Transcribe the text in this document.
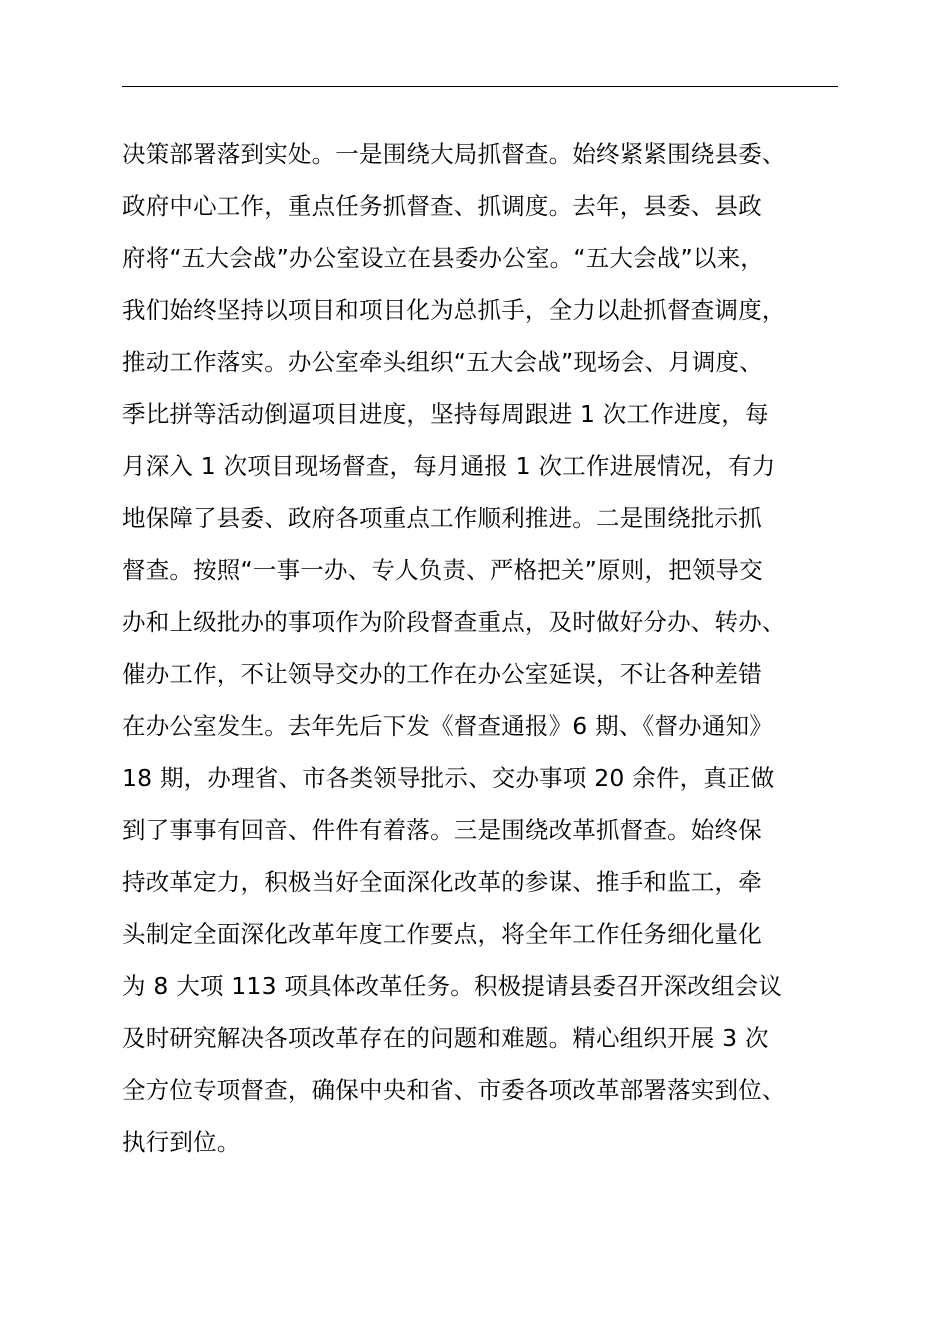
决策部署落到实处。一是围绕大局抓督查。始终紧紧围绕县委、
政府中心工作，重点任务抓督查、抓调度。去年，县委、县政
府将“五大会战”办公室设立在县委办公室。“五大会战”以来，
我们始终坚持以项目和项目化为总抓手，全力以赴抓督查调度，
推动工作落实。办公室牵头组织“五大会战”现场会、月调度、
季比拼等活动倒逼项目进度，坚持每周跟进 1 次工作进度，每
月深入 1 次项目现场督查，每月通报 1 次工作进展情况，有力
地保障了县委、政府各项重点工作顺利推进。二是围绕批示抓
督查。按照“一事一办、专人负责、严格把关”原则，把领导交
办和上级批办的事项作为阶段督查重点，及时做好分办、转办、
催办工作，不让领导交办的工作在办公室延误，不让各种差错
在办公室发生。去年先后下发《督查通报》6 期、《督办通知》
18 期，办理省、市各类领导批示、交办事项 20 余件，真正做
到了事事有回音、件件有着落。三是围绕改革抓督查。始终保
持改革定力，积极当好全面深化改革的参谋、推手和监工，牵
头制定全面深化改革年度工作要点，将全年工作任务细化量化
为 8 大项 113 项具体改革任务。积极提请县委召开深改组会议
及时研究解决各项改革存在的问题和难题。精心组织开展 3 次
全方位专项督查，确保中央和省、市委各项改革部署落实到位、
执行到位。
